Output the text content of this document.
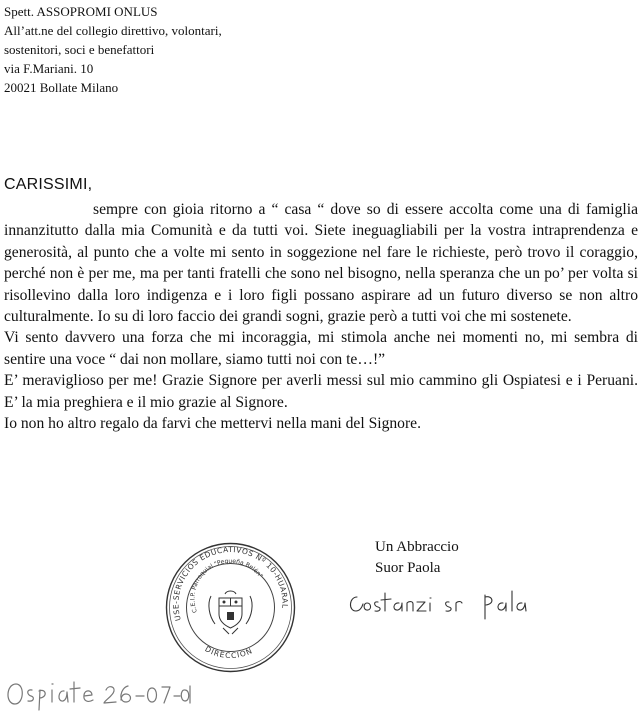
Spett. ASSOPROMI ONLUS
All’att.ne del collegio direttivo, volontari,
sostenitori, soci e benefattori
via F.Mariani. 10
20021 Bollate Milano
CARISSIMI,

sempre con gioia ritorno a “ casa “ dove so di essere accolta come una di famiglia innanzitutto dalla mia Comunità e da tutti voi. Siete ineguagliabili per la vostra intraprendenza e generosità, al punto che a volte mi sento in soggezione nel fare le richieste, però trovo il coraggio, perché non è per me, ma per tanti fratelli che sono nel bisogno, nella speranza che un po’ per volta si risollevino dalla loro indigenza e i loro figli possano aspirare ad un futuro diverso se non altro culturalmente. Io su di loro faccio dei grandi sogni, grazie però a tutti voi che mi sostenete.

Vi sento davvero una forza che mi incoraggia, mi stimola anche nei momenti no, mi sembra di sentire una voce “ dai non mollare, siamo tutti noi con te…!”

E’ meraviglioso per me! Grazie Signore per averli messi sul mio cammino gli Ospiatesi e i Peruani. E’ la mia preghiera e il mio grazie al Signore.

Io non ho altro regalo da farvi che mettervi nella mani del Signore.

Un Abbraccio
Suor Paola
USE-SERVICIOS EDUCATIVOS Nº 10-HUARAL
C.E.I.P. Parroquial "Pequeña Belén"
DIRECCION
